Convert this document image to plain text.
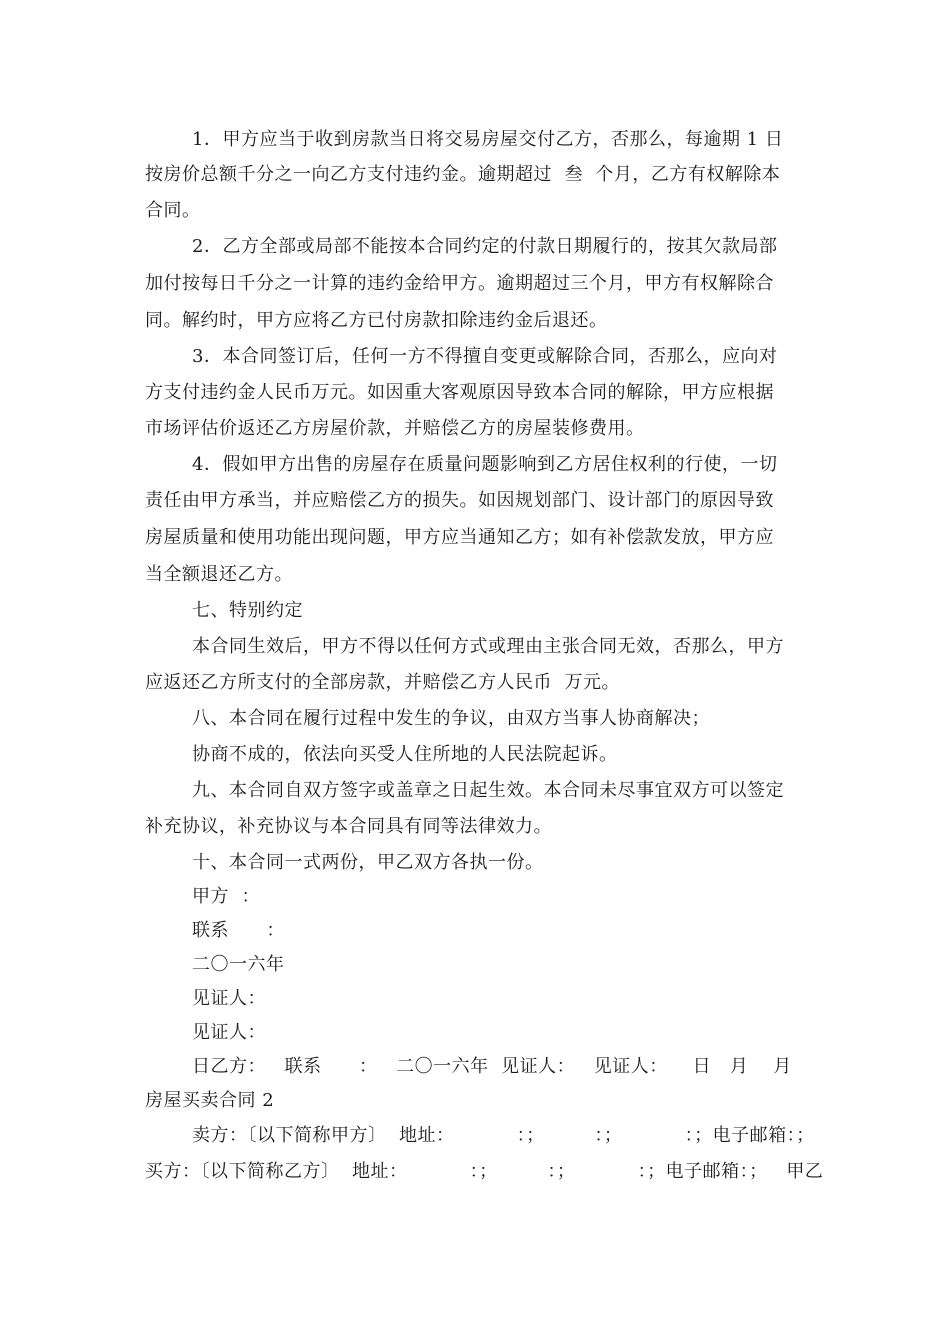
1．甲方应当于收到房款当日将交易房屋交付乙方，否那么，每逾期 1 日
按房价总额千分之一向乙方支付违约金。逾期超过  叁  个月，乙方有权解除本
合同。
2．乙方全部或局部不能按本合同约定的付款日期履行的，按其欠款局部
加付按每日千分之一计算的违约金给甲方。逾期超过三个月，甲方有权解除合
同。解约时，甲方应将乙方已付房款扣除违约金后退还。
3．本合同签订后，任何一方不得擅自变更或解除合同，否那么，应向对
方支付违约金人民币万元。如因重大客观原因导致本合同的解除，甲方应根据
市场评估价返还乙方房屋价款，并赔偿乙方的房屋装修费用。
4．假如甲方出售的房屋存在质量问题影响到乙方居住权利的行使，一切
责任由甲方承当，并应赔偿乙方的损失。如因规划部门、设计部门的原因导致
房屋质量和使用功能出现问题，甲方应当通知乙方；如有补偿款发放，甲方应
当全额退还乙方。
七、特别约定
本合同生效后，甲方不得以任何方式或理由主张合同无效，否那么，甲方
应返还乙方所支付的全部房款，并赔偿乙方人民币  万元。
八、本合同在履行过程中发生的争议，由双方当事人协商解决；
协商不成的，依法向买受人住所地的人民法院起诉。
九、本合同自双方签字或盖章之日起生效。本合同未尽事宜双方可以签定
补充协议，补充协议与本合同具有同等法律效力。
十、本合同一式两份，甲乙双方各执一份。
甲方  ：
联系      ：
二〇一六年
见证人：
见证人：
日乙方：   联系      ：   二〇一六年  见证人：   见证人：    日   月    月
房屋买卖合同 2
卖方：〔以下简称甲方〕  地址：          ：；        ：；          ：；电子邮箱：；
买方：〔以下简称乙方〕  地址：          ：；        ：；          ：；电子邮箱：；   甲乙
